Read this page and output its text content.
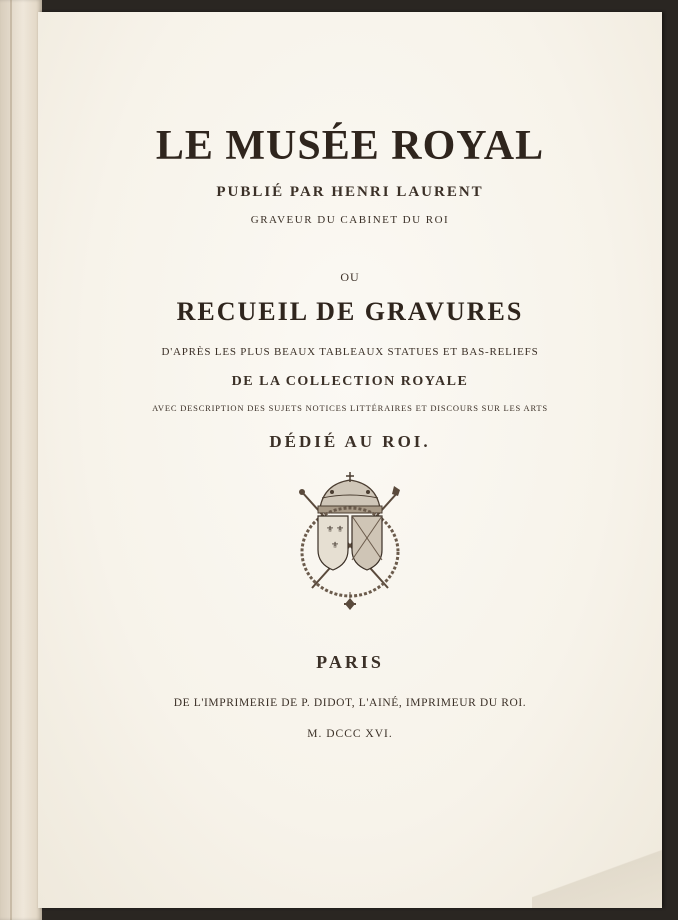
LE MUSÉE ROYAL
PUBLIÉ PAR HENRI LAURENT
GRAVEUR DU CABINET DU ROI
OU
RECUEIL DE GRAVURES
D'APRÈS LES PLUS BEAUX TABLEAUX STATUES ET BAS-RELIEFS
DE LA COLLECTION ROYALE
AVEC DESCRIPTION DES SUJETS NOTICES LITTÉRAIRES ET DISCOURS SUR LES ARTS
DÉDIÉ AU ROI.
⚜ ⚜
⚜
PARIS
DE L'IMPRIMERIE DE P. DIDOT, L'AINÉ, IMPRIMEUR DU ROI.
M. DCCC XVI.
